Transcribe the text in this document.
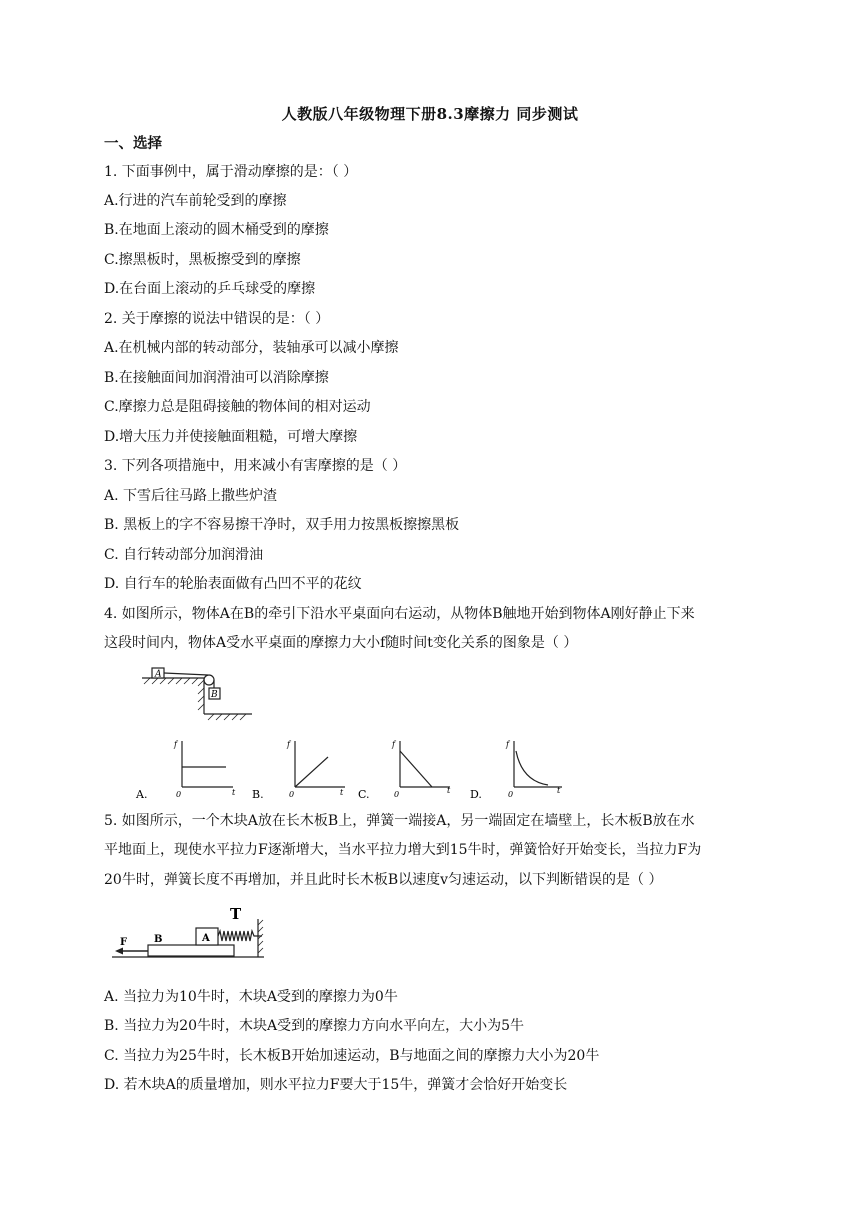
人教版八年级物理下册8.3摩擦力 同步测试
一、选择
1. 下面事例中，属于滑动摩擦的是：（ ）
A.行进的汽车前轮受到的摩擦
B.在地面上滚动的圆木桶受到的摩擦
C.擦黑板时，黑板擦受到的摩擦
D.在台面上滚动的乒乓球受的摩擦
2. 关于摩擦的说法中错误的是：（ ）
A.在机械内部的转动部分，装轴承可以减小摩擦
B.在接触面间加润滑油可以消除摩擦
C.摩擦力总是阻碍接触的物体间的相对运动
D.增大压力并使接触面粗糙，可增大摩擦
3. 下列各项措施中，用来减小有害摩擦的是（ ）
A. 下雪后往马路上撒些炉渣
B. 黑板上的字不容易擦干净时，双手用力按黑板擦擦黑板
C. 自行转动部分加润滑油
D. 自行车的轮胎表面做有凸凹不平的花纹
4. 如图所示，物体A在B的牵引下沿水平桌面向右运动，从物体B触地开始到物体A刚好静止下来
这段时间内，物体A受水平桌面的摩擦力大小f随时间t变化关系的图象是（ ）
A
B
f
t
0
f
t
0
f
t
0
f
t
0
A.	B.	C.	D.
5. 如图所示，一个木块A放在长木板B上，弹簧一端接A，另一端固定在墙壁上，长木板B放在水
平地面上，现使水平拉力F逐渐增大，当水平拉力增大到15牛时，弹簧恰好开始变长，当拉力F为
20牛时，弹簧长度不再增加，并且此时长木板B以速度v匀速运动，以下判断错误的是（ ）
T
A
B
F
A. 当拉力为10牛时，木块A受到的摩擦力为0牛
B. 当拉力为20牛时，木块A受到的摩擦力方向水平向左，大小为5牛
C. 当拉力为25牛时，长木板B开始加速运动，B与地面之间的摩擦力大小为20牛
D. 若木块A的质量增加，则水平拉力F要大于15牛，弹簧才会恰好开始变长
